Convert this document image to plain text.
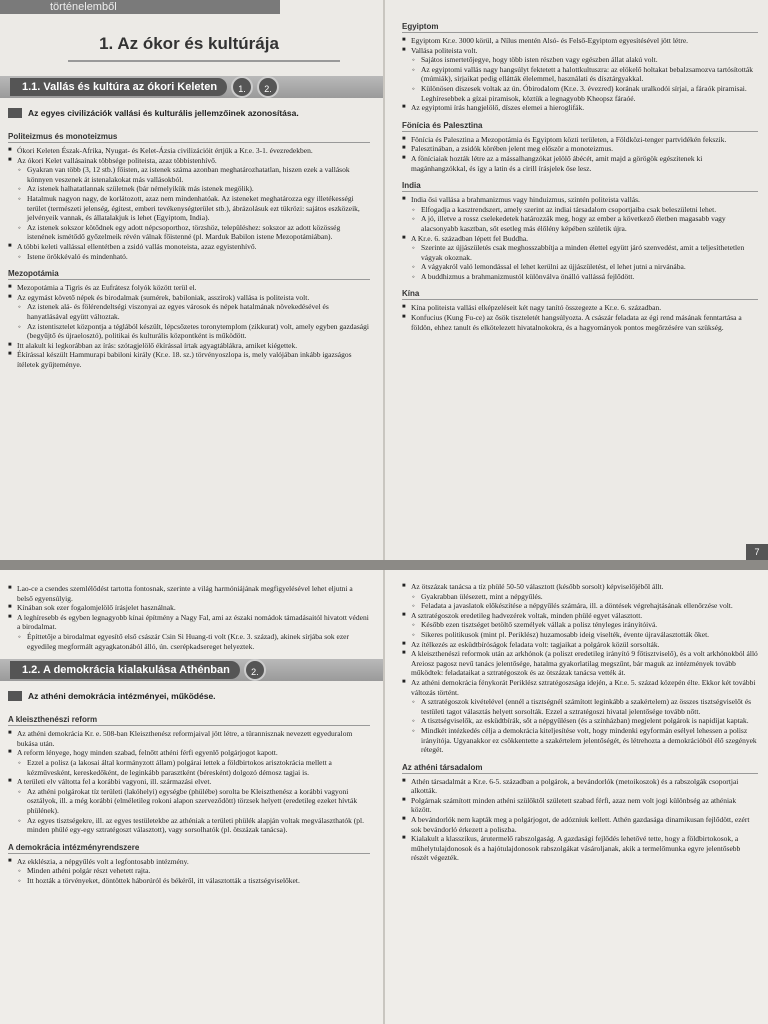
történelemből
1. Az ókor és kultúrája
1.1. Vallás és kultúra az ókori Keleten	1.	2.
Az egyes civilizációk vallási és kulturális jellemzőinek azonosítása.
Politeizmus és monoteizmus
■ Ókori Keleten Észak-Afrika, Nyugat- és Kelet-Ázsia civilizációit értjük a Kr.e. 3-1. évezredekben.
■ Az ókori Kelet vallásainak többsége politeista, azaz többistenhívő.
◦ Gyakran van több (3, 12 stb.) főisten, az istenek száma azonban meghatározhatatlan, hiszen ezek a vallások könnyen veszenek át istenalakokat más vallásokból.
◦ Az istenek halhatatlannak születnek (bár némelyikük más istenek megölik).
◦ Hatalmuk nagyon nagy, de korlátozott, azaz nem mindenhatóak. Az isteneket meghatározza egy illetékességi terület (természeti jelenség, égitest, emberi tevékenységterület stb.), ábrázolásuk ezt tükrözi: sajátos eszközeik, jelvényeik vannak, és állatalakjuk is lehet (Egyiptom, India).
◦ Az istenek sokszor kötődnek egy adott népcsoporthoz, törzshöz, településhez: sokszor az adott közösség istenének ismétődő győzelmeik révén válnak főistenné (pl. Marduk Babilon istene Mezopotámiában).
■ A többi keleti vallással ellentétben a zsidó vallás monoteista, azaz egyistenhívő.
◦ Istene örökkévaló és mindenható.
Mezopotámia
■ Mezopotámia a Tigris és az Eufrátesz folyók között terül el.
■ Az egymást követő népek és birodalmak (sumérek, babiloniak, asszírok) vallása is politeista volt.
◦ Az istenek alá- és fölérendeltségi viszonyai az egyes városok és népek hatalmának növekedésével és hanyatlásával együtt változtak.
◦ Az istentisztelet központja a téglából készült, lépcsőzetes toronytemplom (zikkurat) volt, amely egyben gazdasági (begyűjtő és újraelosztó), politikai és kulturális központként is működött.
■ Itt alakult ki legkorábban az írás: szótagjelölő ékírással írtak agyagtáblákra, amiket kiégettek.
■ Ékírással készült Hammurapi babiloni király (Kr.e. 18. sz.) törvényoszlopa is, mely valójában inkább igazságos ítéletek gyűjteménye.
Egyiptom
■ Egyiptom Kr.e. 3000 körül, a Nílus mentén Alsó- és Felső-Egyiptom egyesítésével jött létre.
■ Vallása politeista volt.
◦ Sajátos ismertetőjegye, hogy több isten részben vagy egészben állat alakú volt.
◦ Az egyiptomi vallás nagy hangsúlyt fektetett a halottkultuszra: az elökelő holtakat bebalzsamozva tartósították (múmiák), sírjaikat pedig ellátták élelemmel, használati és dísztárgyakkal.
◦ Különösen díszesek voltak az ún. Óbirodalom (Kr.e. 3. évezred) korának uralkodói sírjai, a fáraók piramisai. Leghíresebbek a gízai piramisok, köztük a legnagyobb Kheopsz fáraóé.
■ Az egyiptomi írás hangjelölő, díszes elemei a hieroglifák.
Föníciа és Palesztina
■ Föníciа és Palesztina a Mezopotámia és Egyiptom közti területen, a Földközi-tenger partvidékén fekszik.
■ Palesztinában, a zsidók körében jelent meg először a monoteizmus.
■ A föníciaiak hozták létre az a mássalhangzókat jelölő ábécét, amit majd a görögök egészítenek ki magánhangzókkal, és így a latin és a cirill írásjelek őse lesz.
India
■ India ősi vallása a brahmanizmus vagy hinduizmus, szintén politeista vallás.
◦ Elfogadja a kasztrendszert, amely szerint az indiai társadalom csoportjaiba csak beleszületni lehet.
◦ A jó, illetve a rossz cselekedetek határozzák meg, hogy az ember a következő életben magasabb vagy alacsonyabb kasztban, sőt esetleg más élőlény képében születik újra.
■ A Kr.e. 6. században lépett fel Buddha.
◦ Szerinte az újjászületés csak meghosszabbítja a minden élettel együtt járó szenvedést, amit a teljesíthetetlen vágyak okoznak.
◦ A vágyakról való lemondással el lehet kerülni az újjászületést, el lehet jutni a nirvánába.
◦ A buddhizmus a brahmanizmustól különválva önálló vallássá fejlődött.
Kína
■ Kína politeista vallási elképzeléseit két nagy tanító összegezte a Kr.e. 6. században.
■ Konfucius (Kung Fu-ce) az ősök tiszteletét hangsúlyozta. A császár feladata az égi rend másának fenntartása a földön, ehhez tanult és elkötelezett hivatalnokokra, és a hagyományok pontos megőrzésére van szükség.
7
■ Lao-ce a csendes szemlélődést tartotta fontosnak, szerinte a világ harmóniájának megfigyelésével lehet eljutni a belső egyensúlyig.
■ Kínában sok ezer fogalomjelölő írásjelet használnak.
■ A leghíresebb és egyben legnagyobb kínai építmény a Nagy Fal, ami az északi nomádok támadásaitól hivatott védeni a birodalmat.
◦ Építtetője a birodalmat egyesítő első császár Csin Si Huang-ti volt (Kr.e. 3. század), akinek sírjába sok ezer egyedileg megformált agyagkatonából álló, ún. cserépkadsereget helyeztek.
1.2. A demokrácia kialakulása Athénban	2.
Az athéni demokrácia intézményei, működése.
A kleiszthenészi reform
■ Az athéni demokrácia Kr. e. 508-ban Kleiszthenész reformjaival jött létre, a türannisznak nevezett egyeduralom bukása után.
■ A reform lényege, hogy minden szabad, felnőtt athéni férfi egyenlő polgárjogot kapott.
◦ Ezzel a polisz (a lakosai által kormányzott állam) polgárai lettek a földbirtokos arisztokrácia mellett a kézművesként, kereskedőként, de leginkább parasztként (béresként) dolgozó démosz tagjai is.
■ A területi elv váltotta fel a korábbi vagyoni, ill. származási elvet.
◦ Az athéni polgárokat tíz területi (lakóhelyi) egységbe (phülébe) sorolta be Kleiszthenész a korábbi vagyoni osztályok, ill. a még korábbi (elméletileg rokoni alapon szerveződött) törzsek helyett (eredetileg ezeket hívták phülének).
◦ Az egyes tisztségekre, ill. az egyes testületekbe az athéniak a területi phülék alapján voltak megválaszthatók (pl. minden phülé egy-egy sztratégoszt választott), vagy sorsolhatók (pl. ötszázak tanácsa).
A demokrácia intézményrendszere
■ Az ekklészia, a népgyűlés volt a legfontosabb intézmény.
◦ Minden athéni polgár részt vehetett rajta.
◦ Itt hozták a törvényeket, döntöttek háborúról és békéről, itt választották a tisztségviselőket.
■ Az ötszázak tanácsa a tíz phülé 50-50 választott (később sorsolt) képviselőjéből állt.
◦ Gyakrabban ülésezett, mint a népgyűlés.
◦ Feladata a javaslatok előkészítése a népgyűlés számára, ill. a döntések végrehajtásának ellenőrzése volt.
■ A sztratégoszok eredetileg hadvezérek voltak, minden phülé egyet választott.
◦ Később ezen tisztséget betöltő személyek vállak a polisz tényleges irányítóivá.
◦ Sikeres politikusok (mint pl. Periklész) huzamosabb ideig viselték, évente újraválasztották őket.
■ Az ítélkezés az esküdtbíróságok feladata volt: tagjaikat a polgárok közül sorsolták.
■ A kleiszthenészi reformok után az arkhónok (a poliszt eredetileg irányító 9 főtisztviselő), és a volt arkhónokból álló Areiosz pagosz nevű tanács jelentősége, hatalma gyakorlatilag megszűnt, bár maguk az intézmények tovább működtek: feladataikat a sztratégoszok és az ötszázak tanácsa vették át.
■ Az athéni demokrácia fénykorát Periklész sztratégoszsága idején, a Kr.e. 5. század közepén élte. Ekkor két további változás történt.
◦ A sztratégoszok kivételével (ennél a tisztségnél számított leginkább a szakértelem) az összes tisztségviselőt és testületi tagot választás helyett sorsolták. Ezzel a sztratégoszi hivatal jelentősége tovább nőtt.
◦ A tisztségviselők, az esküdtbírák, sőt a népgyűlésen (és a színházban) megjelent polgárok is napidíjat kaptak.
◦ Mindkét intézkedés célja a demokrácia kiteljesítése volt, hogy mindenki egyformán esélyel lehessen a polisz irányítója. Ugyanakkor ez csökkentette a szakértelem jelentőségét, és létrehozta a demokrációból élő szegények rétegét.
Az athéni társadalom
■ Athén társadalmát a Kr.e. 6-5. században a polgárok, a bevándorlók (metoikoszok) és a rabszolgák csoportjai alkották.
■ Polgárnak számított minden athéni szülőktől született szabad férfi, azaz nem volt jogi különbség az athéniak között.
■ A bevándorlók nem kapták meg a polgárjogot, de adózniuk kellett. Athén gazdasága dinamikusan fejlődött, ezért sok bevándorló érkezett a poliszba.
■ Kialakult a klasszikus, árutermelő rabszolgaság. A gazdasági fejlődés lehetővé tette, hogy a földbirtokosok, a műhelytulajdonosok és a hajótulajdonosok rabszolgákat vásároljanak, akik a termelőmunka egyre jelentősebb részét végezték.
